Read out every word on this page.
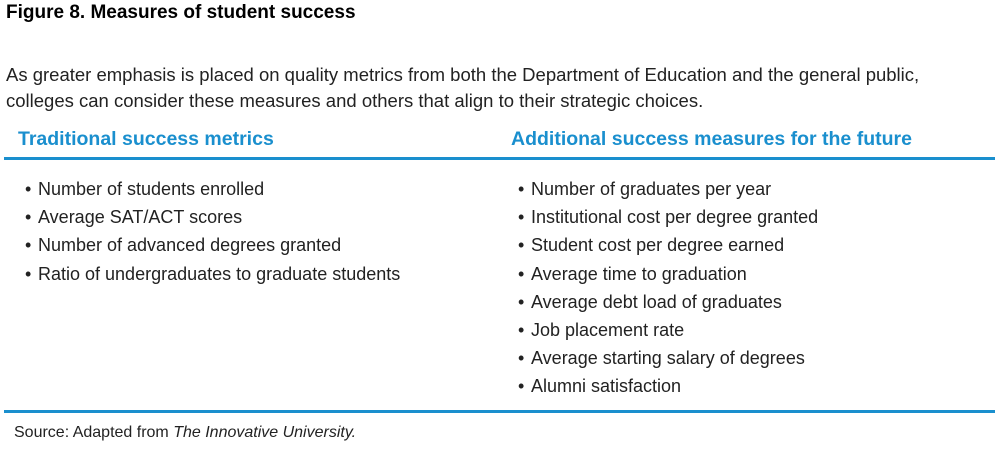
Figure 8. Measures of student success

As greater emphasis is placed on quality metrics from both the Department of Education and the general public, colleges can consider these measures and others that align to their strategic choices.

Traditional success metrics	Additional success measures for the future
• Number of students enrolled
• Average SAT/ACT scores
• Number of advanced degrees granted
• Ratio of undergraduates to graduate students
• Number of graduates per year
• Institutional cost per degree granted
• Student cost per degree earned
• Average time to graduation
• Average debt load of graduates
• Job placement rate
• Average starting salary of degrees
• Alumni satisfaction

Source: Adapted from The Innovative University.
